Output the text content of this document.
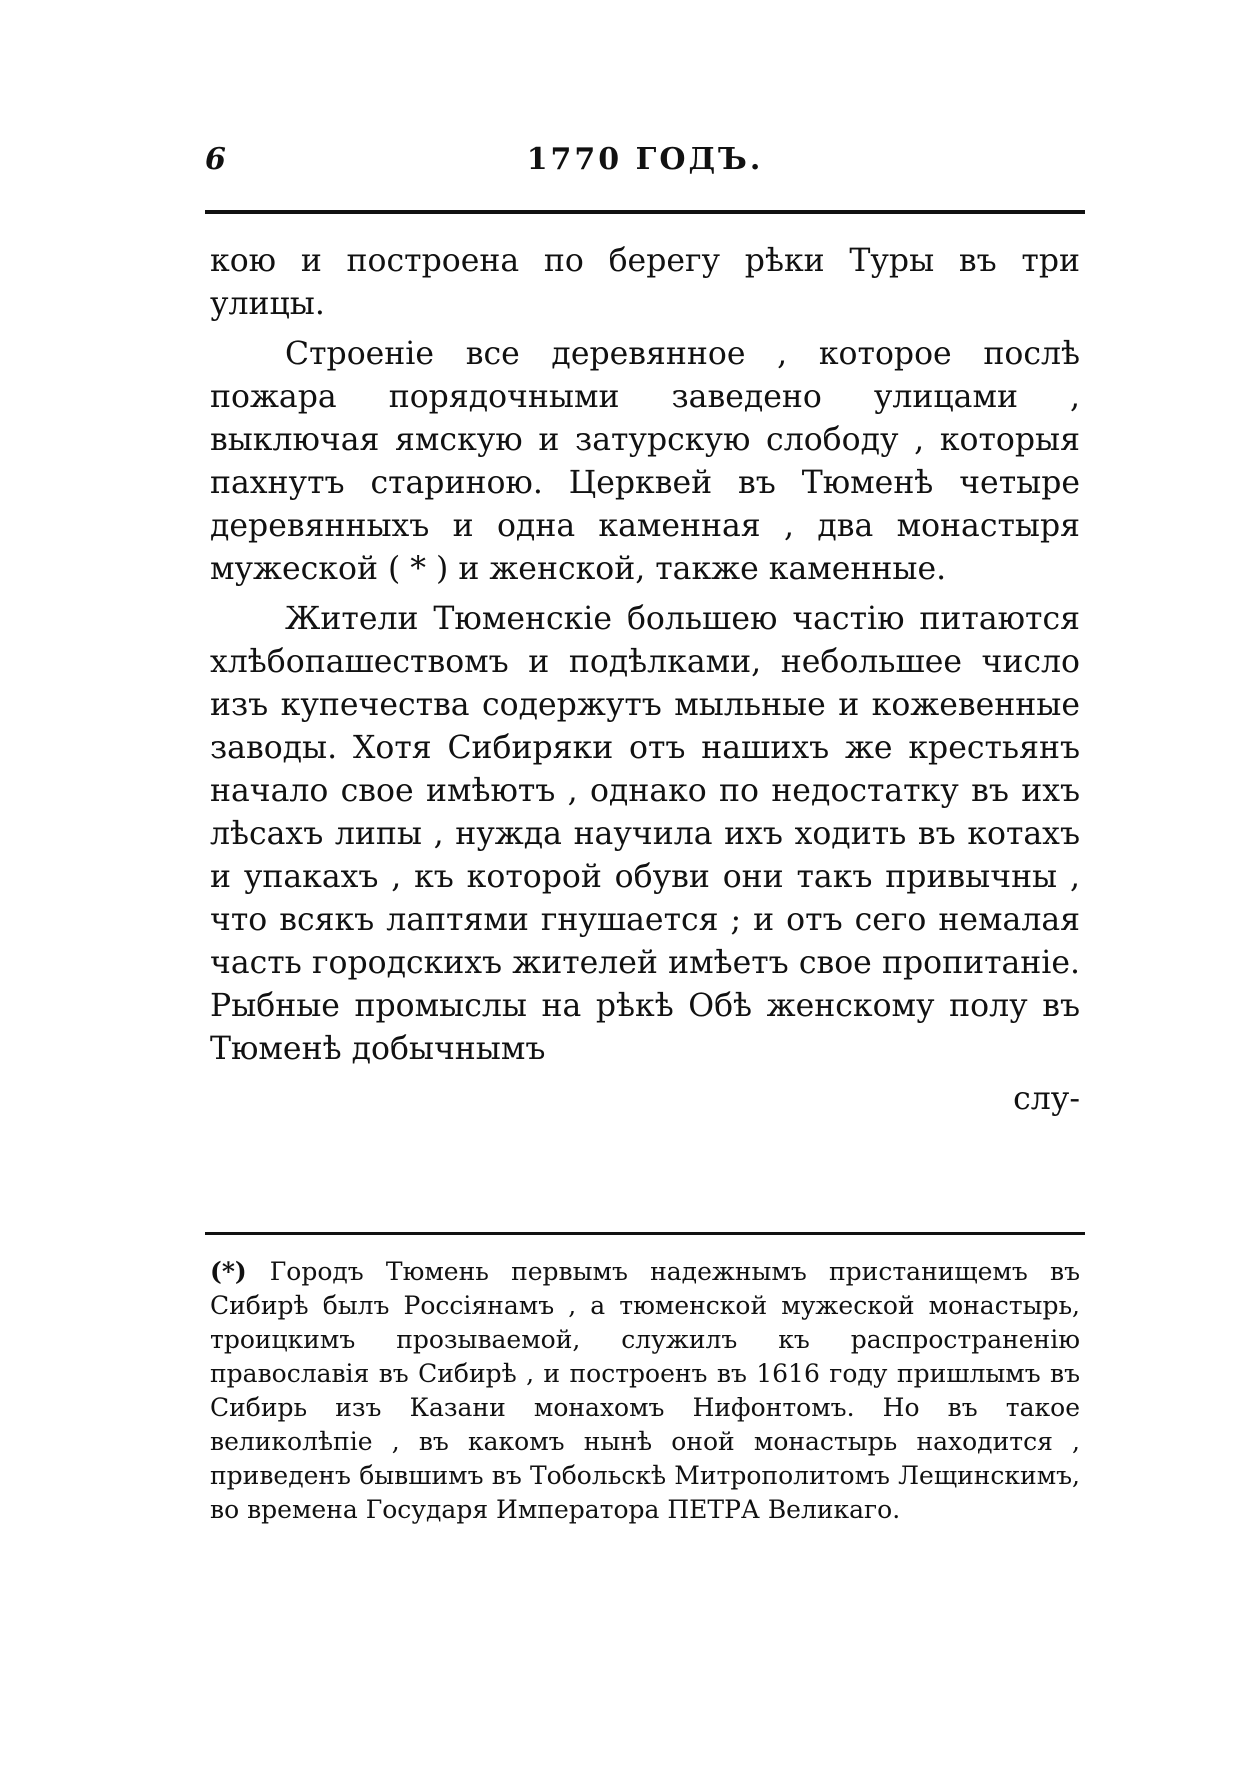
6	1770 ГОДЪ.

кою и построена по берегу рѣки Туры въ три улицы.

Строенiе все деревянное , которое послѣ пожара порядочными заведено улицами , выключая ямскую и затурскую слободу , которыя пахнутъ стариною. Церквей въ Тюменѣ четыре деревянныхъ и одна каменная , два монастыря мужеской ( * ) и женской, также каменные.

Жители Тюменскiе большею частiю питаются хлѣбопашествомъ и подѣлками, небольшее число изъ купечества содержутъ мыльные и кожевенные заводы. Хотя Сибиряки отъ нашихъ же крестьянъ начало свое имѣютъ , однако по недостатку въ ихъ лѣсахъ липы , нужда научила ихъ ходить въ котахъ и упакахъ , къ которой обуви они такъ привычны , что всякъ лаптями гнушается ; и отъ сего немалая часть городскихъ жителей имѣетъ свое пропитанiе. Рыбные промыслы на рѣкѣ Обѣ женскому полу въ Тюменѣ добычнымъ

слу-
(*) Городъ Тюмень первымъ надежнымъ пристанищемъ въ Сибирѣ былъ Россiянамъ , а тюменской мужеской монастырь, троицкимъ прозываемой, служилъ къ распространенiю православiя въ Сибирѣ , и построенъ въ 1616 году пришлымъ въ Сибирь изъ Казани монахомъ Нифонтомъ. Но въ такое великолѣпiе , въ какомъ нынѣ оной монастырь находится , приведенъ бывшимъ въ Тобольскѣ Митрополитомъ Лещинскимъ, во времена Государя Императора ПЕТРА Великаго.
